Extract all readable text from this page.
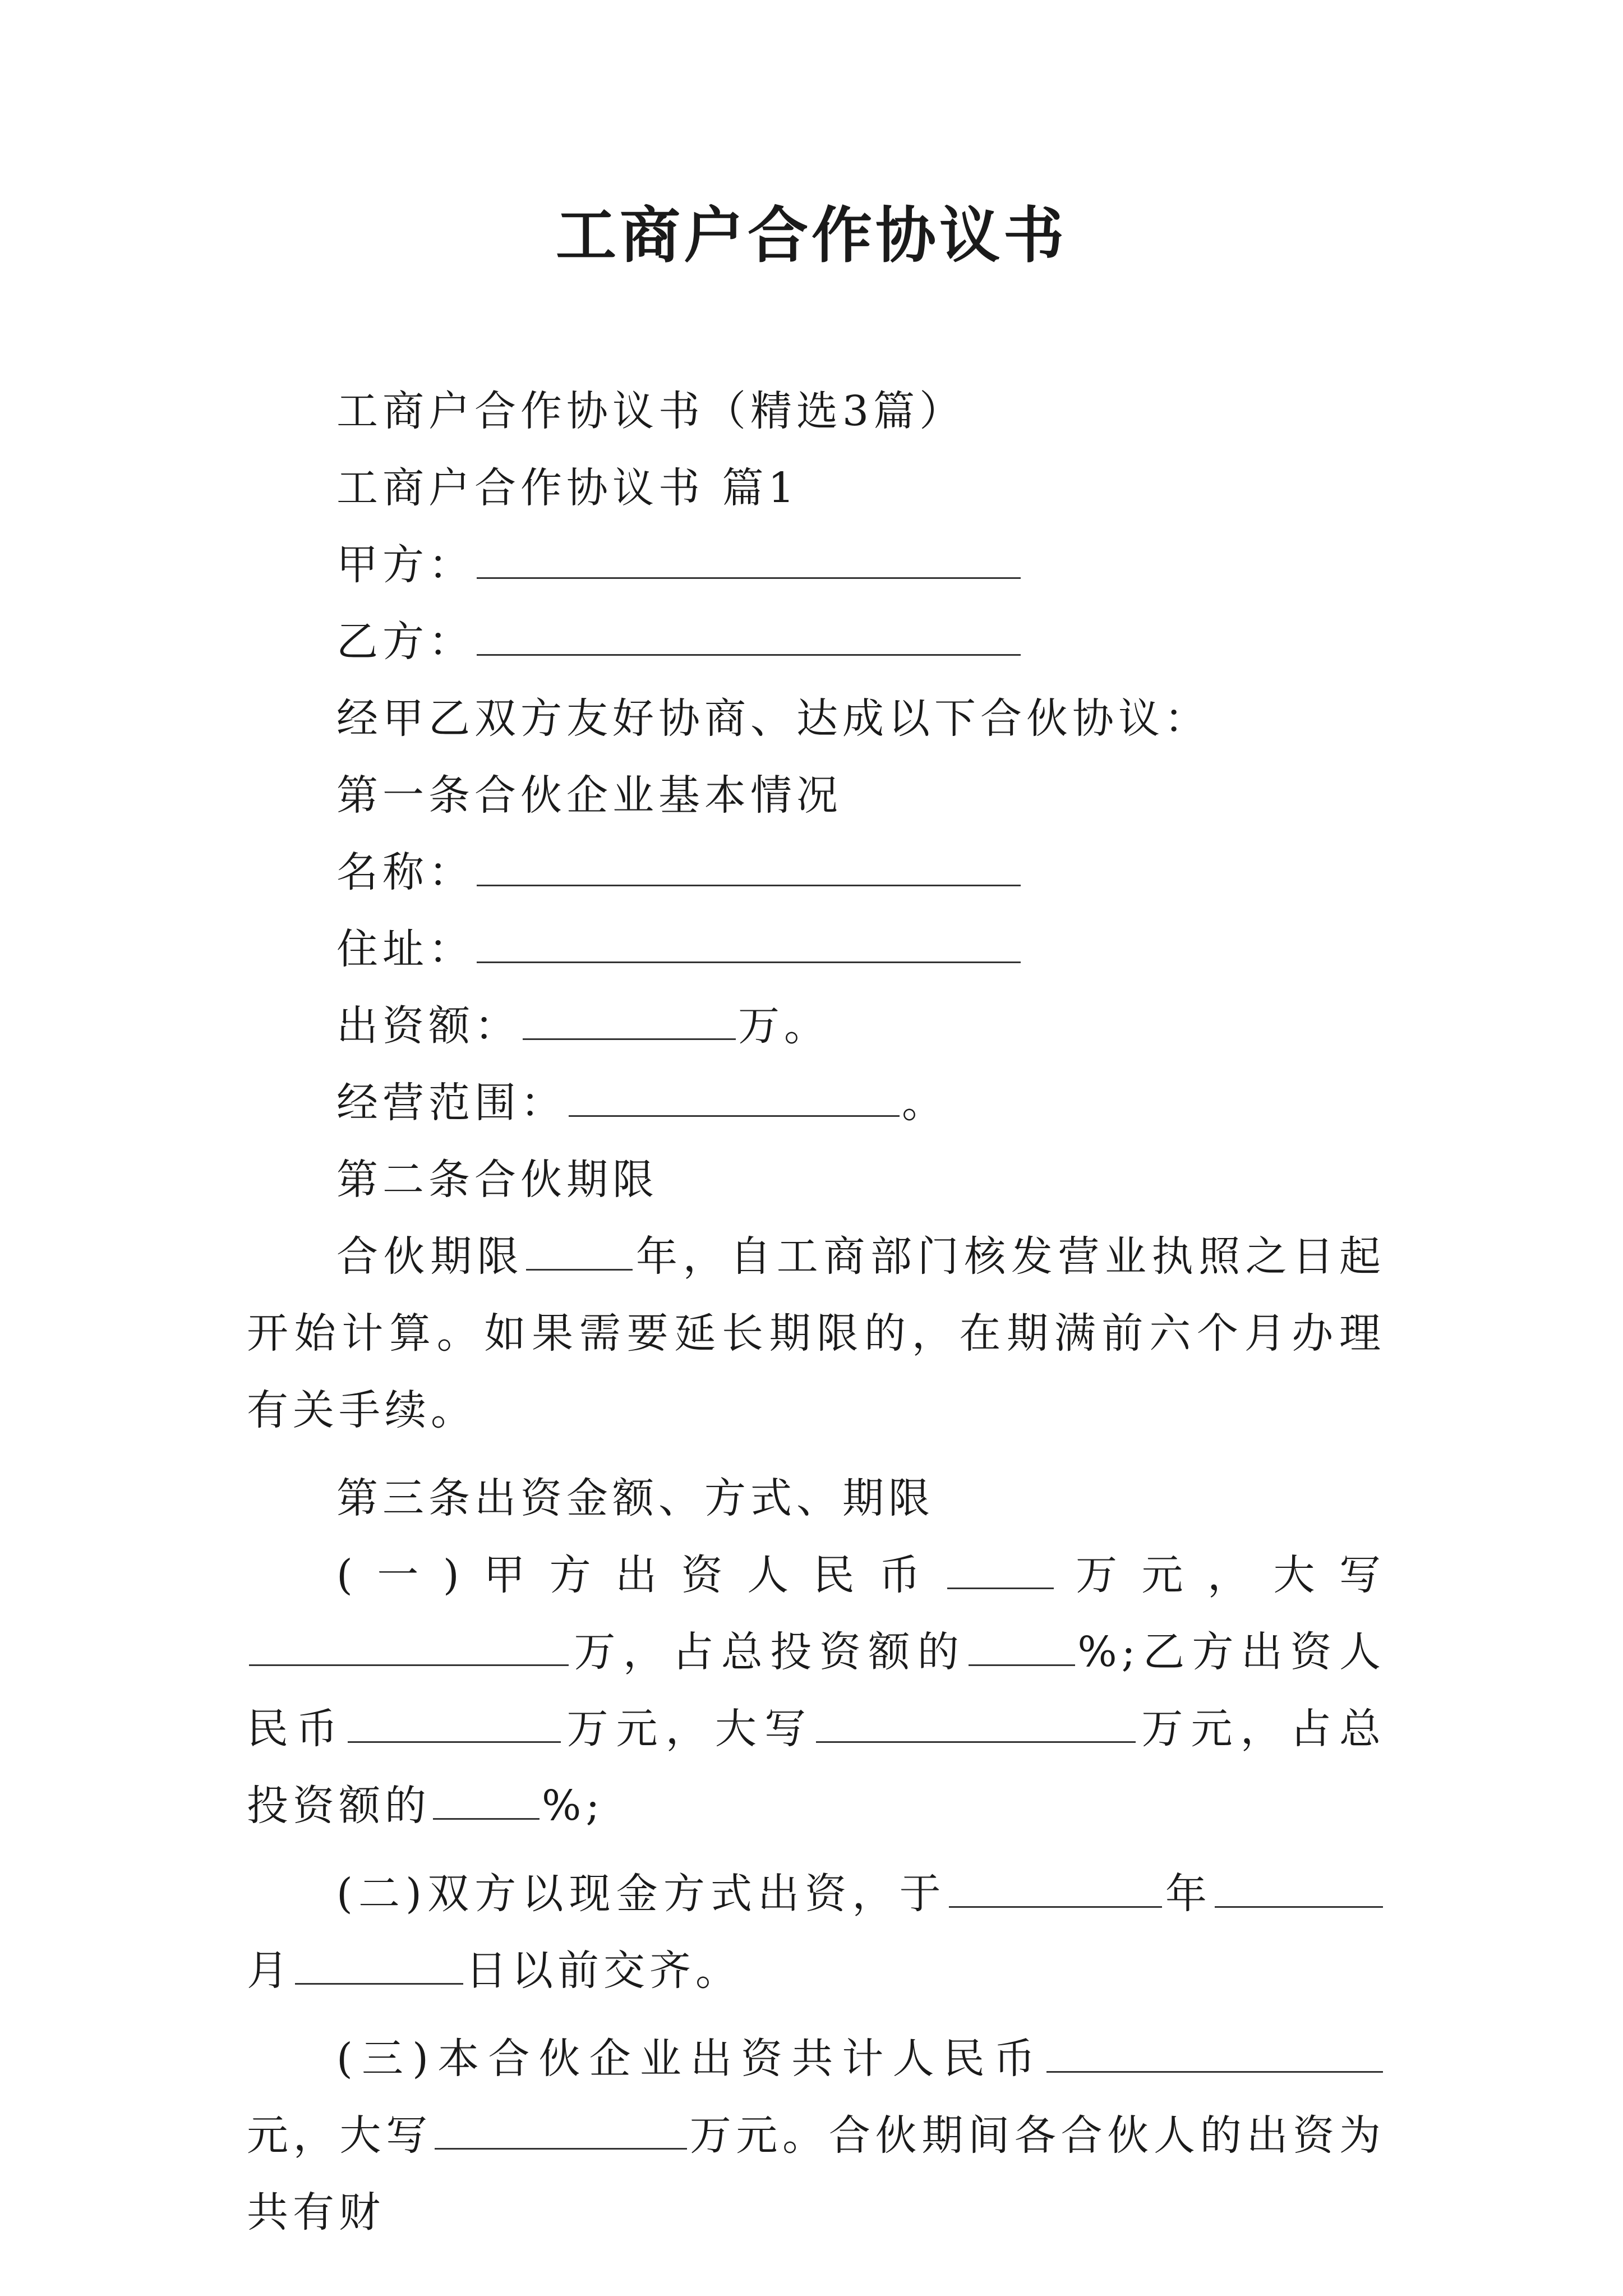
工商户合作协议书
工商户合作协议书（精选3篇）
工商户合作协议书 篇1
甲方：
乙方：
经甲乙双方友好协商、达成以下合伙协议：
第一条合伙企业基本情况
名称：
住址：
出资额：	万。
经营范围：	。
第二条合伙期限
合伙期限	年，自工商部门核发营业执照之日起开始计算。如果需要延长期限的，在期满前六个月办理有关手续。
第三条出资金额、方式、期限
(一)甲方出资人民币	万元，大写万，占总投资额的	%;乙方出资人民币	万元，大写	万元，占总投资额的	%;
(二)双方以现金方式出资，于	年月	日以前交齐。
(三)本合伙企业出资共计人民币元，大写	万元。合伙期间各合伙人的出资为共有财
